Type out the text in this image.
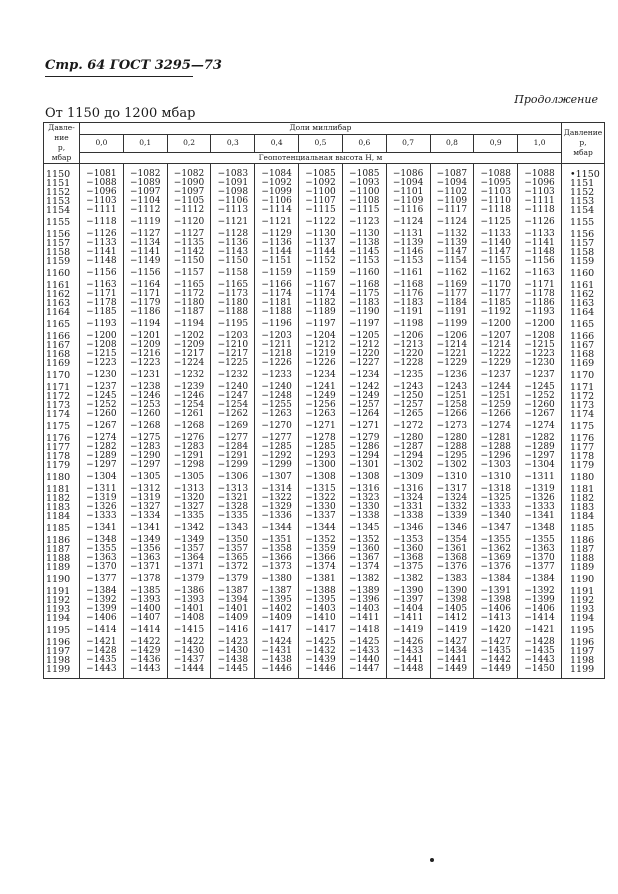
Стр. 64 ГОСТ 3295—73
Продолжение
От 1150 до 1200 мбар
Давле-
ние
p,
мбар	Доли миллибар											Давление
p,
мбар
	0,0	0,1	0,2	0,3	0,4	0,5	0,6	0,7	0,8	0,9	1,0	
	Геопотенциальная высота H, м											
1150	−1081	−1082	−1082	−1083	−1084	−1085	−1085	−1086	−1087	−1088	−1088	•1150
1151	−1088	−1089	−1090	−1091	−1092	−1092	−1093	−1094	−1094	−1095	−1096	1151
1152	−1096	−1097	−1097	−1098	−1099	−1100	−1100	−1101	−1102	−1103	−1103	1152
1153	−1103	−1104	−1105	−1106	−1106	−1107	−1108	−1109	−1109	−1110	−1111	1153
1154	−1111	−1112	−1112	−1113	−1114	−1115	−1115	−1116	−1117	−1118	−1118	1154
1155	−1118	−1119	−1120	−1121	−1121	−1122	−1123	−1124	−1124	−1125	−1126	1155
1156	−1126	−1127	−1127	−1128	−1129	−1130	−1130	−1131	−1132	−1133	−1133	1156
1157	−1133	−1134	−1135	−1136	−1136	−1137	−1138	−1139	−1139	−1140	−1141	1157
1158	−1141	−1141	−1142	−1143	−1144	−1144	−1145	−1146	−1147	−1147	−1148	1158
1159	−1148	−1149	−1150	−1150	−1151	−1152	−1153	−1153	−1154	−1155	−1156	1159
1160	−1156	−1156	−1157	−1158	−1159	−1159	−1160	−1161	−1162	−1162	−1163	1160
1161	−1163	−1164	−1165	−1165	−1166	−1167	−1168	−1168	−1169	−1170	−1171	1161
1162	−1171	−1171	−1172	−1173	−1174	−1174	−1175	−1176	−1177	−1177	−1178	1162
1163	−1178	−1179	−1180	−1180	−1181	−1182	−1183	−1183	−1184	−1185	−1186	1163
1164	−1185	−1186	−1187	−1188	−1188	−1189	−1190	−1191	−1191	−1192	−1193	1164
1165	−1193	−1194	−1194	−1195	−1196	−1197	−1197	−1198	−1199	−1200	−1200	1165
1166	−1200	−1201	−1202	−1203	−1203	−1204	−1205	−1206	−1206	−1207	−1208	1166
1167	−1208	−1209	−1209	−1210	−1211	−1212	−1212	−1213	−1214	−1214	−1215	1167
1168	−1215	−1216	−1217	−1217	−1218	−1219	−1220	−1220	−1221	−1222	−1223	1168
1169	−1223	−1223	−1224	−1225	−1226	−1226	−1227	−1228	−1229	−1229	−1230	1169
1170	−1230	−1231	−1232	−1232	−1233	−1234	−1234	−1235	−1236	−1237	−1237	1170
1171	−1237	−1238	−1239	−1240	−1240	−1241	−1242	−1243	−1243	−1244	−1245	1171
1172	−1245	−1246	−1246	−1247	−1248	−1249	−1249	−1250	−1251	−1251	−1252	1172
1173	−1252	−1253	−1254	−1254	−1255	−1256	−1257	−1257	−1258	−1259	−1260	1173
1174	−1260	−1260	−1261	−1262	−1263	−1263	−1264	−1265	−1266	−1266	−1267	1174
1175	−1267	−1268	−1268	−1269	−1270	−1271	−1271	−1272	−1273	−1274	−1274	1175
1176	−1274	−1275	−1276	−1277	−1277	−1278	−1279	−1280	−1280	−1281	−1282	1176
1177	−1282	−1283	−1283	−1284	−1285	−1285	−1286	−1287	−1288	−1288	−1289	1177
1178	−1289	−1290	−1291	−1291	−1292	−1293	−1294	−1294	−1295	−1296	−1297	1178
1179	−1297	−1297	−1298	−1299	−1299	−1300	−1301	−1302	−1302	−1303	−1304	1179
1180	−1304	−1305	−1305	−1306	−1307	−1308	−1308	−1309	−1310	−1310	−1311	1180
1181	−1311	−1312	−1313	−1313	−1314	−1315	−1316	−1316	−1317	−1318	−1319	1181
1182	−1319	−1319	−1320	−1321	−1322	−1322	−1323	−1324	−1324	−1325	−1326	1182
1183	−1326	−1327	−1327	−1328	−1329	−1330	−1330	−1331	−1332	−1333	−1333	1183
1184	−1333	−1334	−1335	−1335	−1336	−1337	−1338	−1338	−1339	−1340	−1341	1184
1185	−1341	−1341	−1342	−1343	−1344	−1344	−1345	−1346	−1346	−1347	−1348	1185
1186	−1348	−1349	−1349	−1350	−1351	−1352	−1352	−1353	−1354	−1355	−1355	1186
1187	−1355	−1356	−1357	−1357	−1358	−1359	−1360	−1360	−1361	−1362	−1363	1187
1188	−1363	−1363	−1364	−1365	−1366	−1366	−1367	−1368	−1368	−1369	−1370	1188
1189	−1370	−1371	−1371	−1372	−1373	−1374	−1374	−1375	−1376	−1376	−1377	1189
1190	−1377	−1378	−1379	−1379	−1380	−1381	−1382	−1382	−1383	−1384	−1384	1190
1191	−1384	−1385	−1386	−1387	−1387	−1388	−1389	−1390	−1390	−1391	−1392	1191
1192	−1392	−1393	−1393	−1394	−1395	−1395	−1396	−1397	−1398	−1398	−1399	1192
1193	−1399	−1400	−1401	−1401	−1402	−1403	−1403	−1404	−1405	−1406	−1406	1193
1194	−1406	−1407	−1408	−1409	−1409	−1410	−1411	−1411	−1412	−1413	−1414	1194
1195	−1414	−1414	−1415	−1416	−1417	−1417	−1418	−1419	−1419	−1420	−1421	1195
1196	−1421	−1422	−1422	−1423	−1424	−1425	−1425	−1426	−1427	−1427	−1428	1196
1197	−1428	−1429	−1430	−1430	−1431	−1432	−1433	−1433	−1434	−1435	−1435	1197
1198	−1435	−1436	−1437	−1438	−1438	−1439	−1440	−1441	−1441	−1442	−1443	1198
1199	−1443	−1443	−1444	−1445	−1446	−1446	−1447	−1448	−1449	−1449	−1450	1199
